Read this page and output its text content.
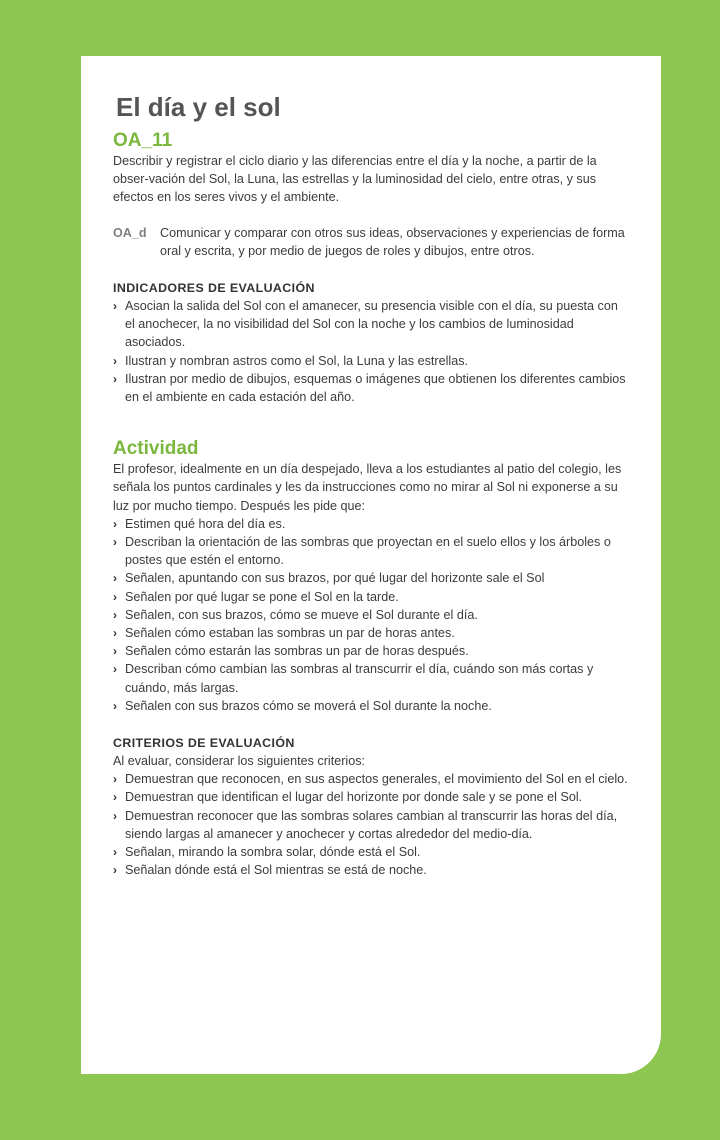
El día y el sol
OA_11

Describir y registrar el ciclo diario y las diferencias entre el día y la noche, a partir de la obser-vación del Sol, la Luna, las estrellas y la luminosidad del cielo, entre otras, y sus efectos en los seres vivos y el ambiente.

OA_d	Comunicar y comparar con otros sus ideas, observaciones y experiencias de forma oral y escrita, y por medio de juegos de roles y dibujos, entre otros.
INDICADORES DE EVALUACIÓN
› Asocian la salida del Sol con el amanecer, su presencia visible con el día, su puesta con el anochecer, la no visibilidad del Sol con la noche y los cambios de luminosidad asociados.
› Ilustran y nombran astros como el Sol, la Luna y las estrellas.
› Ilustran por medio de dibujos, esquemas o imágenes que obtienen los diferentes cambios en el ambiente en cada estación del año.
Actividad

El profesor, idealmente en un día despejado, lleva a los estudiantes al patio del colegio, les señala los puntos cardinales y les da instrucciones como no mirar al Sol ni exponerse a su luz por mucho tiempo. Después les pide que:

› Estimen qué hora del día es.
› Describan la orientación de las sombras que proyectan en el suelo ellos y los árboles o postes que estén el entorno.
› Señalen, apuntando con sus brazos, por qué lugar del horizonte sale el Sol
› Señalen por qué lugar se pone el Sol en la tarde.
› Señalen, con sus brazos, cómo se mueve el Sol durante el día.
› Señalen cómo estaban las sombras un par de horas antes.
› Señalen cómo estarán las sombras un par de horas después.
› Describan cómo cambian las sombras al transcurrir el día, cuándo son más cortas y cuándo, más largas.
› Señalen con sus brazos cómo se moverá el Sol durante la noche.
CRITERIOS DE EVALUACIÓN

Al evaluar, considerar los siguientes criterios:

› Demuestran que reconocen, en sus aspectos generales, el movimiento del Sol en el cielo.
› Demuestran que identifican el lugar del horizonte por donde sale y se pone el Sol.
› Demuestran reconocer que las sombras solares cambian al transcurrir las horas del día, siendo largas al amanecer y anochecer y cortas alrededor del medio-día.
› Señalan, mirando la sombra solar, dónde está el Sol.
› Señalan dónde está el Sol mientras se está de noche.
